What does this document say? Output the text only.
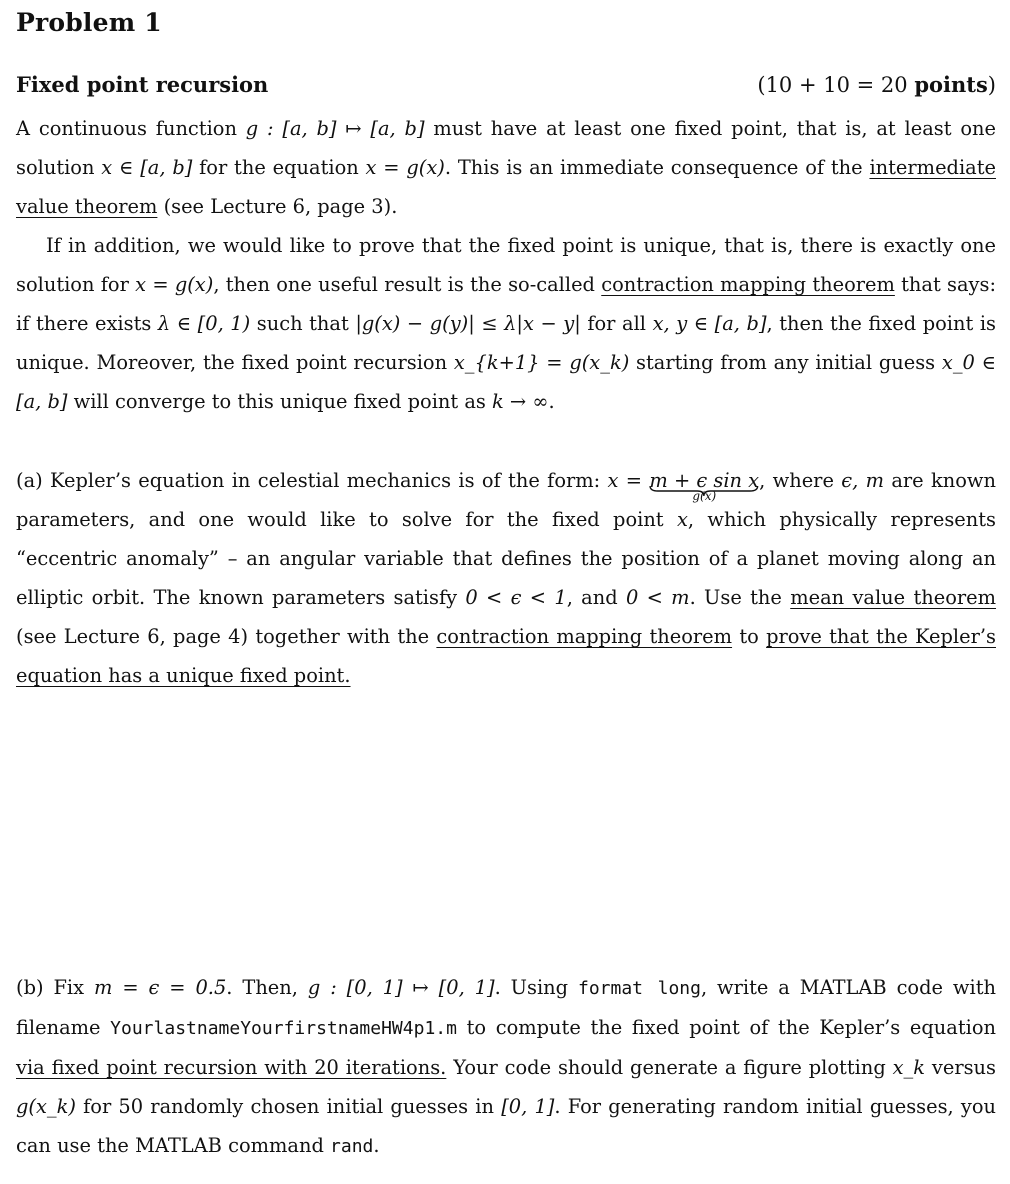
Problem 1
Fixed point recursion	(10 + 10 = 20 points)
A continuous function g : [a, b] ↦ [a, b] must have at least one fixed point, that is, at least one solution x ∈ [a, b] for the equation x = g(x). This is an immediate consequence of the intermediate value theorem (see Lecture 6, page 3).
If in addition, we would like to prove that the fixed point is unique, that is, there is exactly one solution for x = g(x), then one useful result is the so-called contraction mapping theorem that says: if there exists λ ∈ [0, 1) such that |g(x) − g(y)| ≤ λ|x − y| for all x, y ∈ [a, b], then the fixed point is unique. Moreover, the fixed point recursion x_{k+1} = g(x_k) starting from any initial guess x_0 ∈ [a, b] will converge to this unique fixed point as k → ∞.
(a) Kepler’s equation in celestial mechanics is of the form: x = m + ϵ sin x
g(x)
, where ϵ, m are known parameters, and one would like to solve for the fixed point x, which physically represents “eccentric anomaly” – an angular variable that defines the position of a planet moving along an elliptic orbit. The known parameters satisfy 0 < ϵ < 1, and 0 < m. Use the mean value theorem (see Lecture 6, page 4) together with the contraction mapping theorem to prove that the Kepler’s equation has a unique fixed point.
(b) Fix m = ϵ = 0.5. Then, g : [0, 1] ↦ [0, 1]. Using format long, write a MATLAB code with filename YourlastnameYourfirstnameHW4p1.m to compute the fixed point of the Kepler’s equation via fixed point recursion with 20 iterations. Your code should generate a figure plotting x_k versus g(x_k) for 50 randomly chosen initial guesses in [0, 1]. For generating random initial guesses, you can use the MATLAB command rand.
